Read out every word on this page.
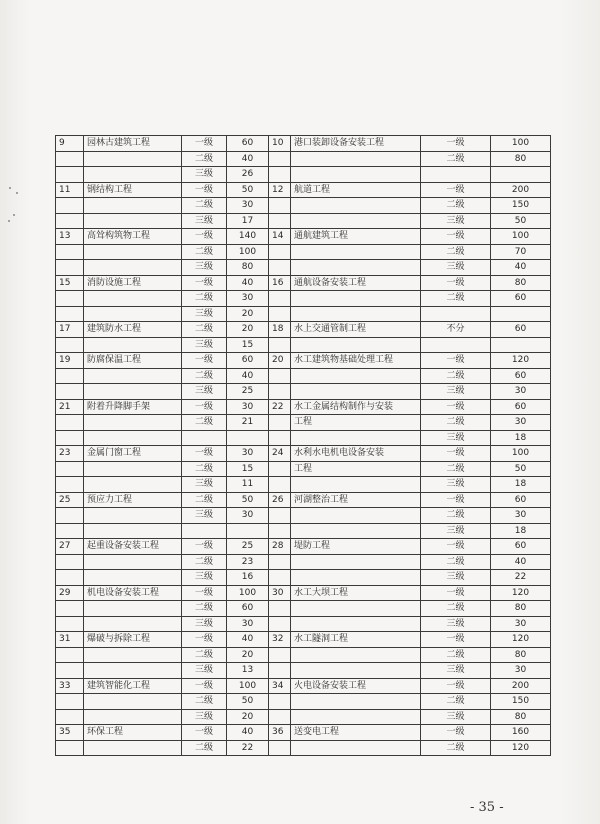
9	园林古建筑工程	一级	60	10	港口装卸设备安装工程	一级	100
		二级	40			二级	80
		三级	26				
11	钢结构工程	一级	50	12	航道工程	一级	200
		二级	30			二级	150
		三级	17			三级	50
13	高耸构筑物工程	一级	140	14	通航建筑工程	一级	100
		二级	100			二级	70
		三级	80			三级	40
15	消防设施工程	一级	40	16	通航设备安装工程	一级	80
		二级	30			二级	60
		三级	20				
17	建筑防水工程	二级	20	18	水上交通管制工程	不分	60
		三级	15				
19	防腐保温工程	一级	60	20	水工建筑物基础处理工程	一级	120
		二级	40			二级	60
		三级	25			三级	30
21	附着升降脚手架	一级	30	22	水工金属结构制作与安装	一级	60
		二级	21		工程	二级	30
						三级	18
23	金属门窗工程	一级	30	24	水利水电机电设备安装	一级	100
		二级	15		工程	二级	50
		三级	11			三级	18
25	预应力工程	二级	50	26	河湖整治工程	一级	60
		三级	30			二级	30
						三级	18
27	起重设备安装工程	一级	25	28	堤防工程	一级	60
		二级	23			二级	40
		三级	16			三级	22
29	机电设备安装工程	一级	100	30	水工大坝工程	一级	120
		二级	60			二级	80
		三级	30			三级	30
31	爆破与拆除工程	一级	40	32	水工隧洞工程	一级	120
		二级	20			二级	80
		三级	13			三级	30
33	建筑智能化工程	一级	100	34	火电设备安装工程	一级	200
		二级	50			二级	150
		三级	20			三级	80
35	环保工程	一级	40	36	送变电工程	一级	160
		二级	22			二级	120
- 35 -
